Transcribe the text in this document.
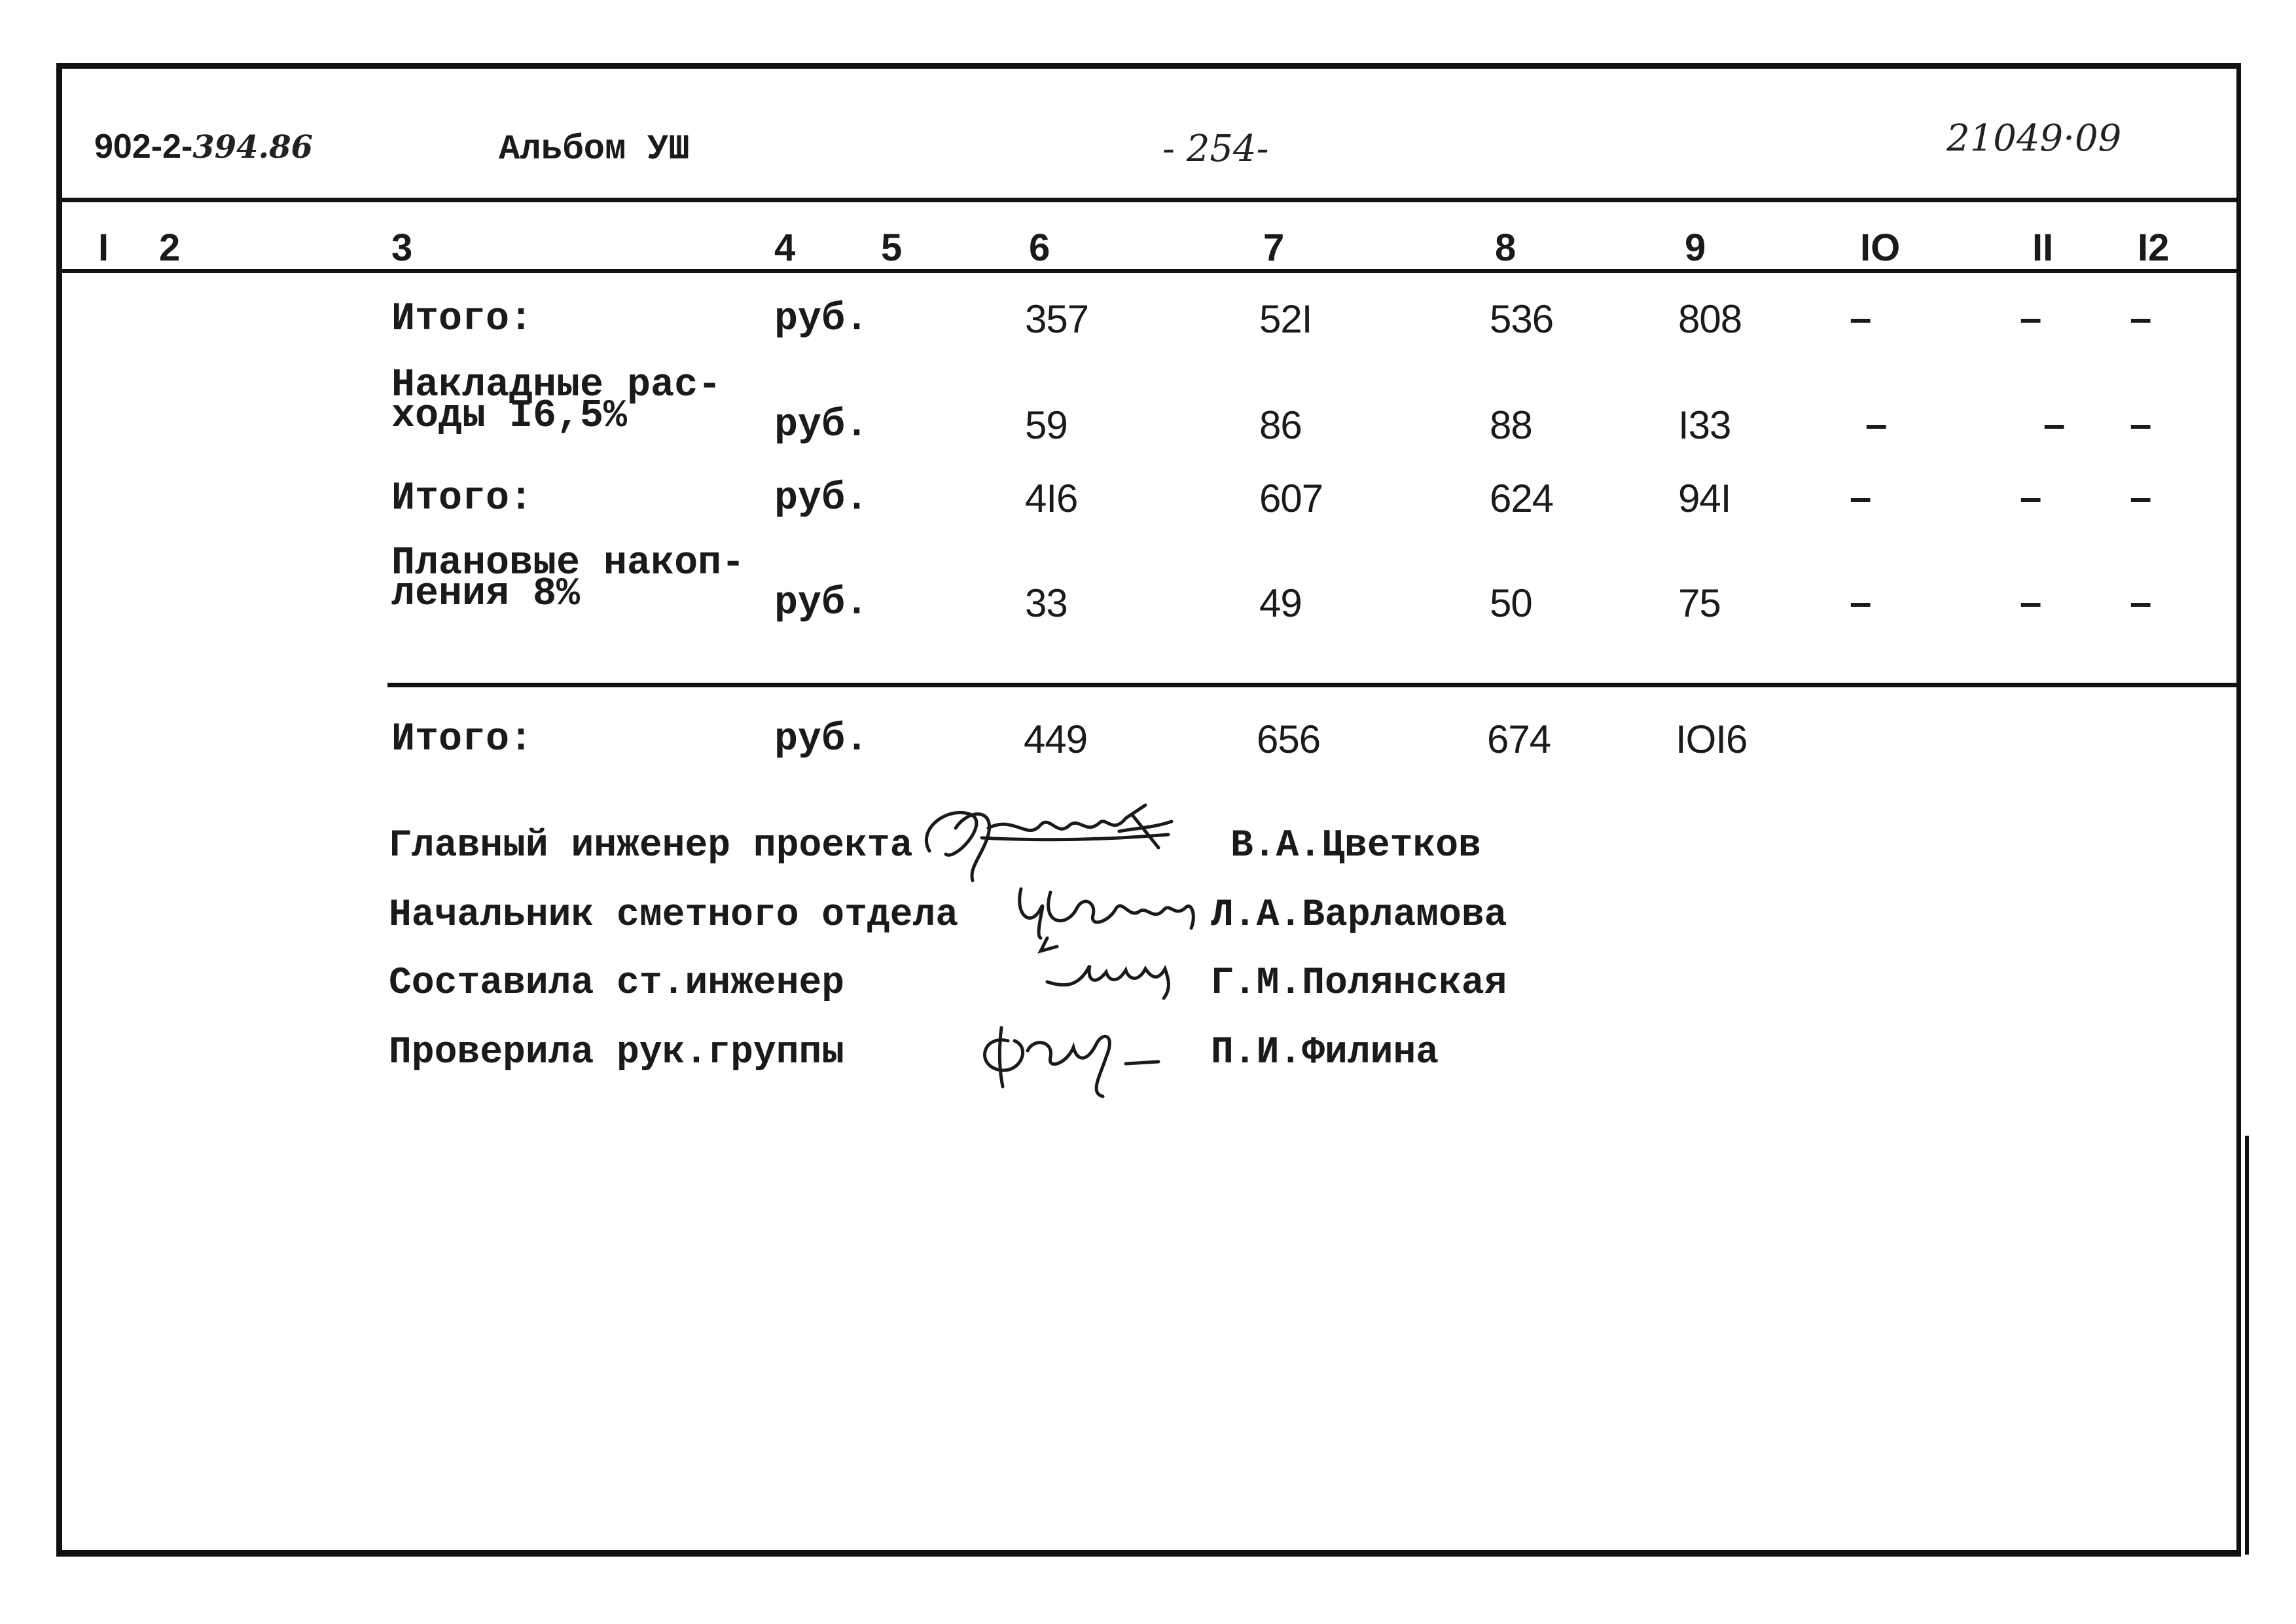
902-2-394.86	Альбом УШ	- 254-	21049·09
I 2	3	4 5	6	7	8	9	IO	II I2
Итого:	руб.	357	52I	536	808	–	– –
Накладные рас-
ходы I6,5%	руб.	59	86	88	I33	–	– –
Итого:	руб.	4I6	607	624	94I	–	– –
Плановые накоп-
ления 8%	руб.	33	49	50	75	–	– –
Итого:	руб.	449	656	674	IOI6
Главный инженер проекта	В.А.Цветков
Начальник сметного отдела	Л.А.Варламова
Составила ст.инженер	Г.М.Полянская
Проверила рук.группы	П.И.Филина
